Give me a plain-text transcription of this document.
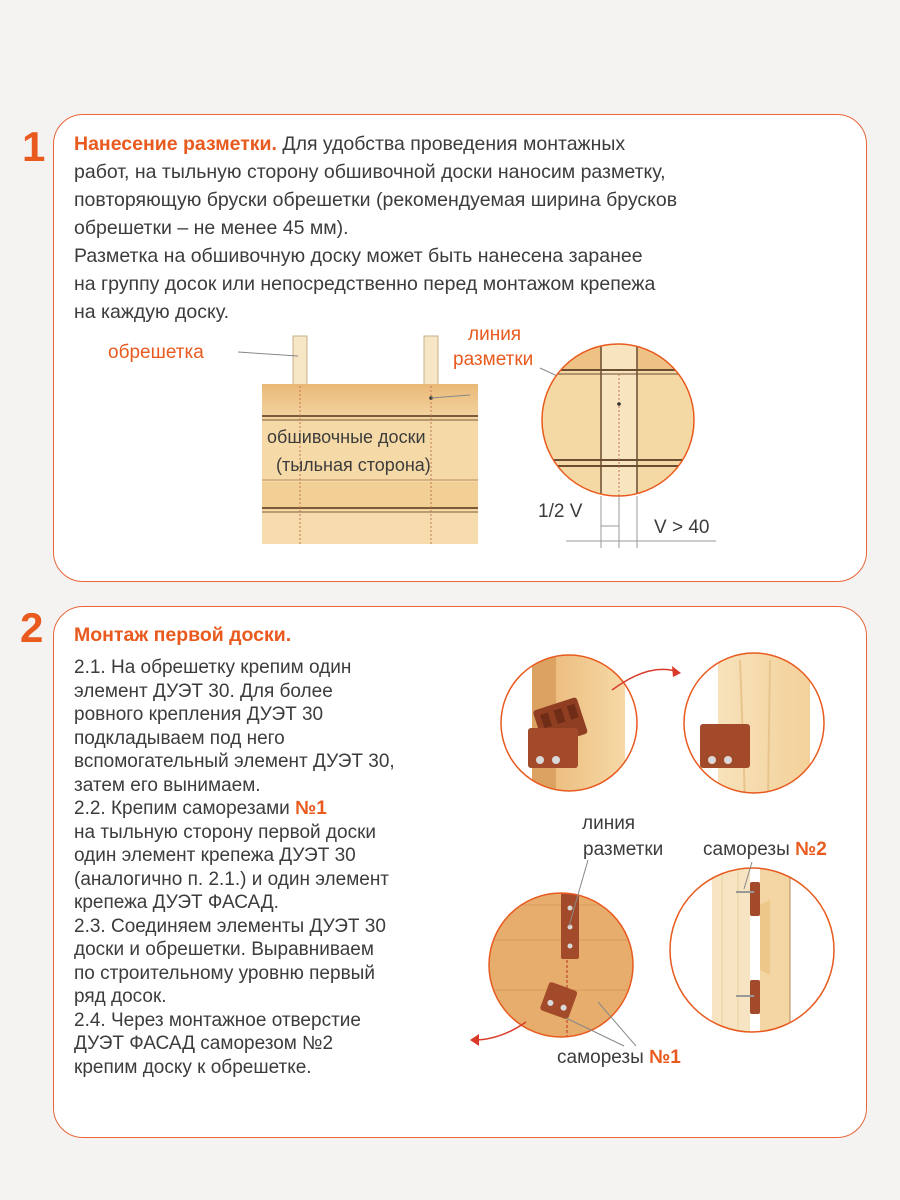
1 Нанесение разметки. Для удобства проведения монтажных
работ, на тыльную сторону обшивочной доски наносим разметку,
повторяющую бруски обрешетки (рекомендуемая ширина брусков
обрешетки – не менее 45 мм).
Разметка на обшивочную доску может быть нанесена заранее
на группу досок или непосредственно перед монтажом крепежа
на каждую доску.
обрешетка
линия
разметки
обшивочные доски
(тыльная сторона)
1/2 V
V > 40
2 Монтаж первой доски.
2.1. На обрешетку крепим один
элемент ДУЭТ 30. Для более
ровного крепления ДУЭТ 30
подкладываем под него
вспомогательный элемент ДУЭТ 30,
затем его вынимаем.
2.2. Крепим саморезами №1
на тыльную сторону первой доски
один элемент крепежа ДУЭТ 30
(аналогично п. 2.1.) и один элемент
крепежа ДУЭТ ФАСАД.
2.3. Соединяем элементы ДУЭТ 30
доски и обрешетки. Выравниваем
по строительному уровню первый
ряд досок.
2.4. Через монтажное отверстие
ДУЭТ ФАСАД саморезом №2
крепим доску к обрешетке.
линия
разметки саморезы №2
саморезы №1
